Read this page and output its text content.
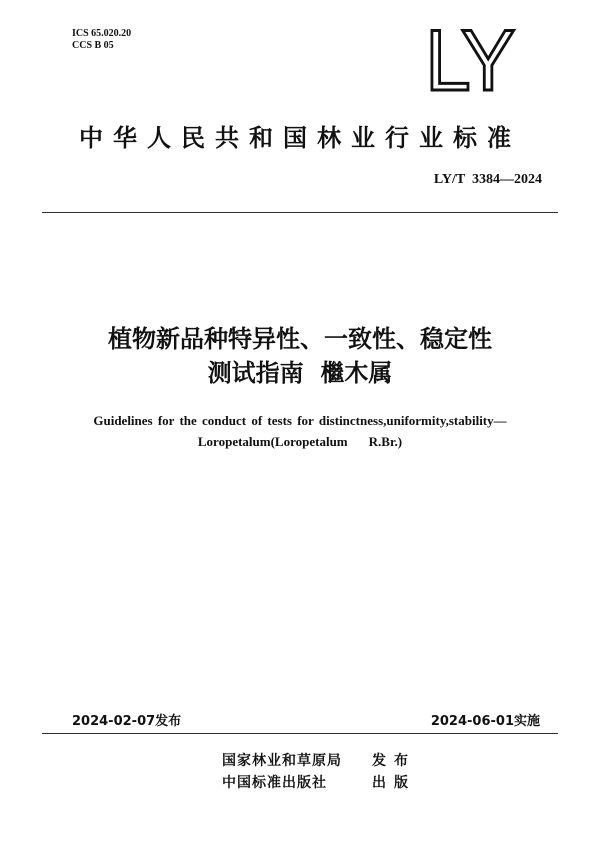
ICS 65.020.20
CCS B 05	LY
中华人民共和国林业行业标准
LY/T  3384—2024
植物新品种特异性、一致性、稳定性
测试指南  檵木属
Guidelines for the conduct of tests for distinctness,uniformity,stability—
Loropetalum(Loropetalum    R.Br.)
2024-02-07发布	2024-06-01实施
国家林业和草原局	发布
中国标准出版社	出版
